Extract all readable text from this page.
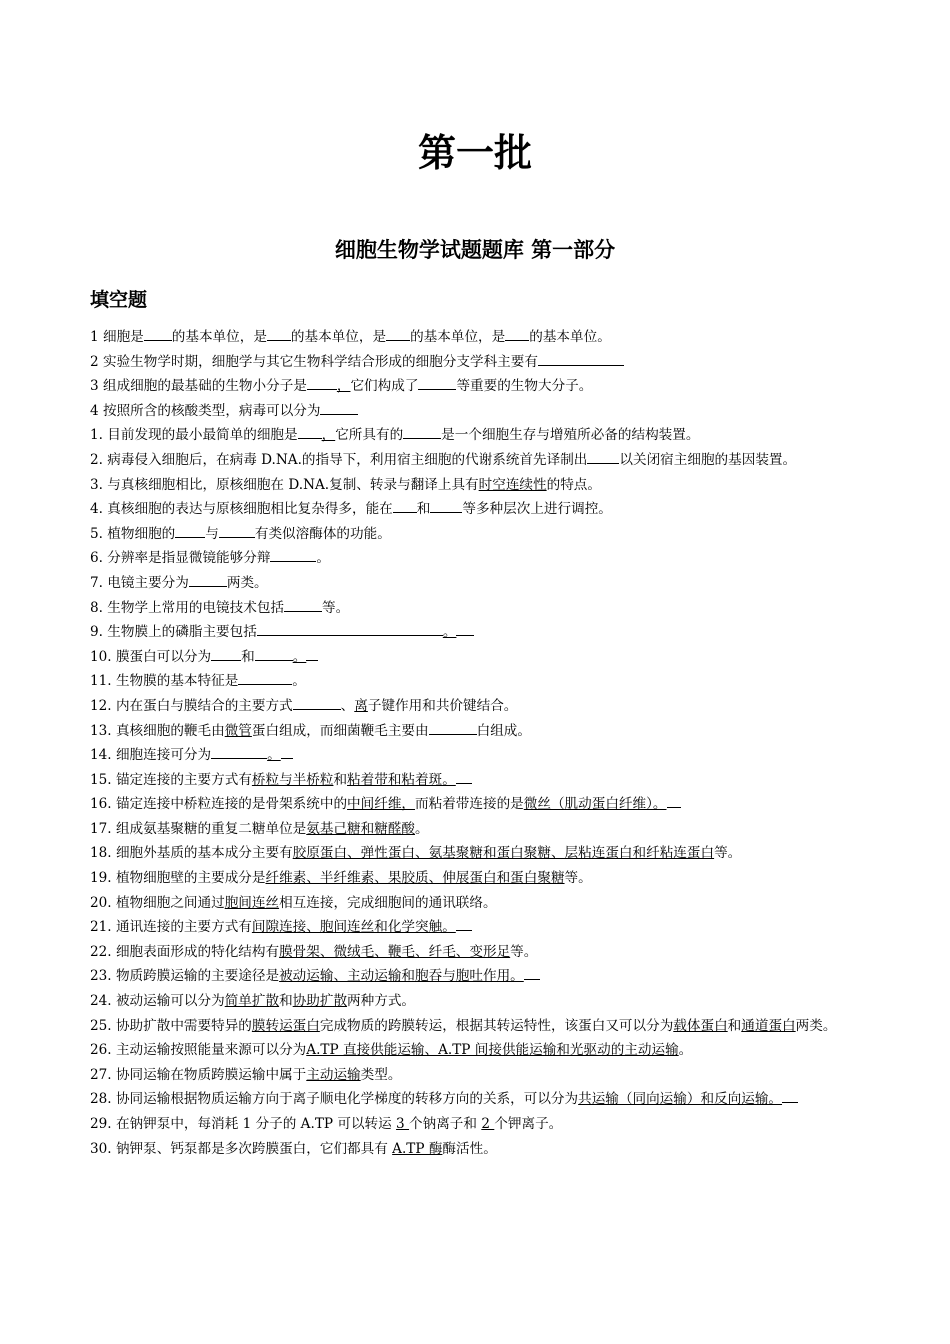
第一批
细胞生物学试题题库 第一部分
填空题
1 细胞是 的基本单位，是 的基本单位，是 的基本单位，是 的基本单位。
2 实验生物学时期，细胞学与其它生物科学结合形成的细胞分支学科主要有
3 组成细胞的最基础的生物小分子是 ，它们构成了	等重要的生物大分子。
4 按照所含的核酸类型，病毒可以分为
1. 目前发现的最小最简单的细胞是 ，它所具有的	是一个细胞生存与增殖所必备的结构装置。
2. 病毒侵入细胞后，在病毒 D.NA.的指导下，利用宿主细胞的代谢系统首先译制出 以关闭宿主细胞的基因装置。
3. 与真核细胞相比，原核细胞在 D.NA.复制、转录与翻译上具有时空连续性的特点。
4. 真核细胞的表达与原核细胞相比复杂得多，能在 和 等多种层次上进行调控。
5. 植物细胞的 与	有类似溶酶体的功能。
6. 分辨率是指显微镜能够分辩	。
7. 电镜主要分为	两类。
8. 生物学上常用的电镜技术包括	等。
9. 生物膜上的磷脂主要包括	。
10. 膜蛋白可以分为 和	。
11. 生物膜的基本特征是	。
12. 内在蛋白与膜结合的主要方式	、离子键作用和共价键结合。
13. 真核细胞的鞭毛由微管蛋白组成，而细菌鞭毛主要由	白组成。
14. 细胞连接可分为	。
15. 锚定连接的主要方式有桥粒与半桥粒和粘着带和粘着斑。
16. 锚定连接中桥粒连接的是骨架系统中的中间纤维，而粘着带连接的是微丝（肌动蛋白纤维）。
17. 组成氨基聚糖的重复二糖单位是氨基己糖和糖醛酸。
18. 细胞外基质的基本成分主要有胶原蛋白、弹性蛋白、氨基聚糖和蛋白聚糖、层粘连蛋白和纤粘连蛋白等。
19. 植物细胞壁的主要成分是纤维素、半纤维素、果胶质、伸展蛋白和蛋白聚糖等。
20. 植物细胞之间通过胞间连丝相互连接，完成细胞间的通讯联络。
21. 通讯连接的主要方式有间隙连接、胞间连丝和化学突触。
22. 细胞表面形成的特化结构有膜骨架、微绒毛、鞭毛、纤毛、变形足等。
23. 物质跨膜运输的主要途径是被动运输、主动运输和胞吞与胞吐作用。
24. 被动运输可以分为简单扩散和协助扩散两种方式。
25. 协助扩散中需要特异的膜转运蛋白完成物质的跨膜转运，根据其转运特性，该蛋白又可以分为载体蛋白和通道蛋白两类。
26. 主动运输按照能量来源可以分为A.TP 直接供能运输、A.TP 间接供能运输和光驱动的主动运输。
27. 协同运输在物质跨膜运输中属于主动运输类型。
28. 协同运输根据物质运输方向于离子顺电化学梯度的转移方向的关系，可以分为共运输（同向运输）和反向运输。
29. 在钠钾泵中，每消耗 1 分子的 A.TP 可以转运 3 个钠离子和 2 个钾离子。
30. 钠钾泵、钙泵都是多次跨膜蛋白，它们都具有 A.TP 酶酶活性。
